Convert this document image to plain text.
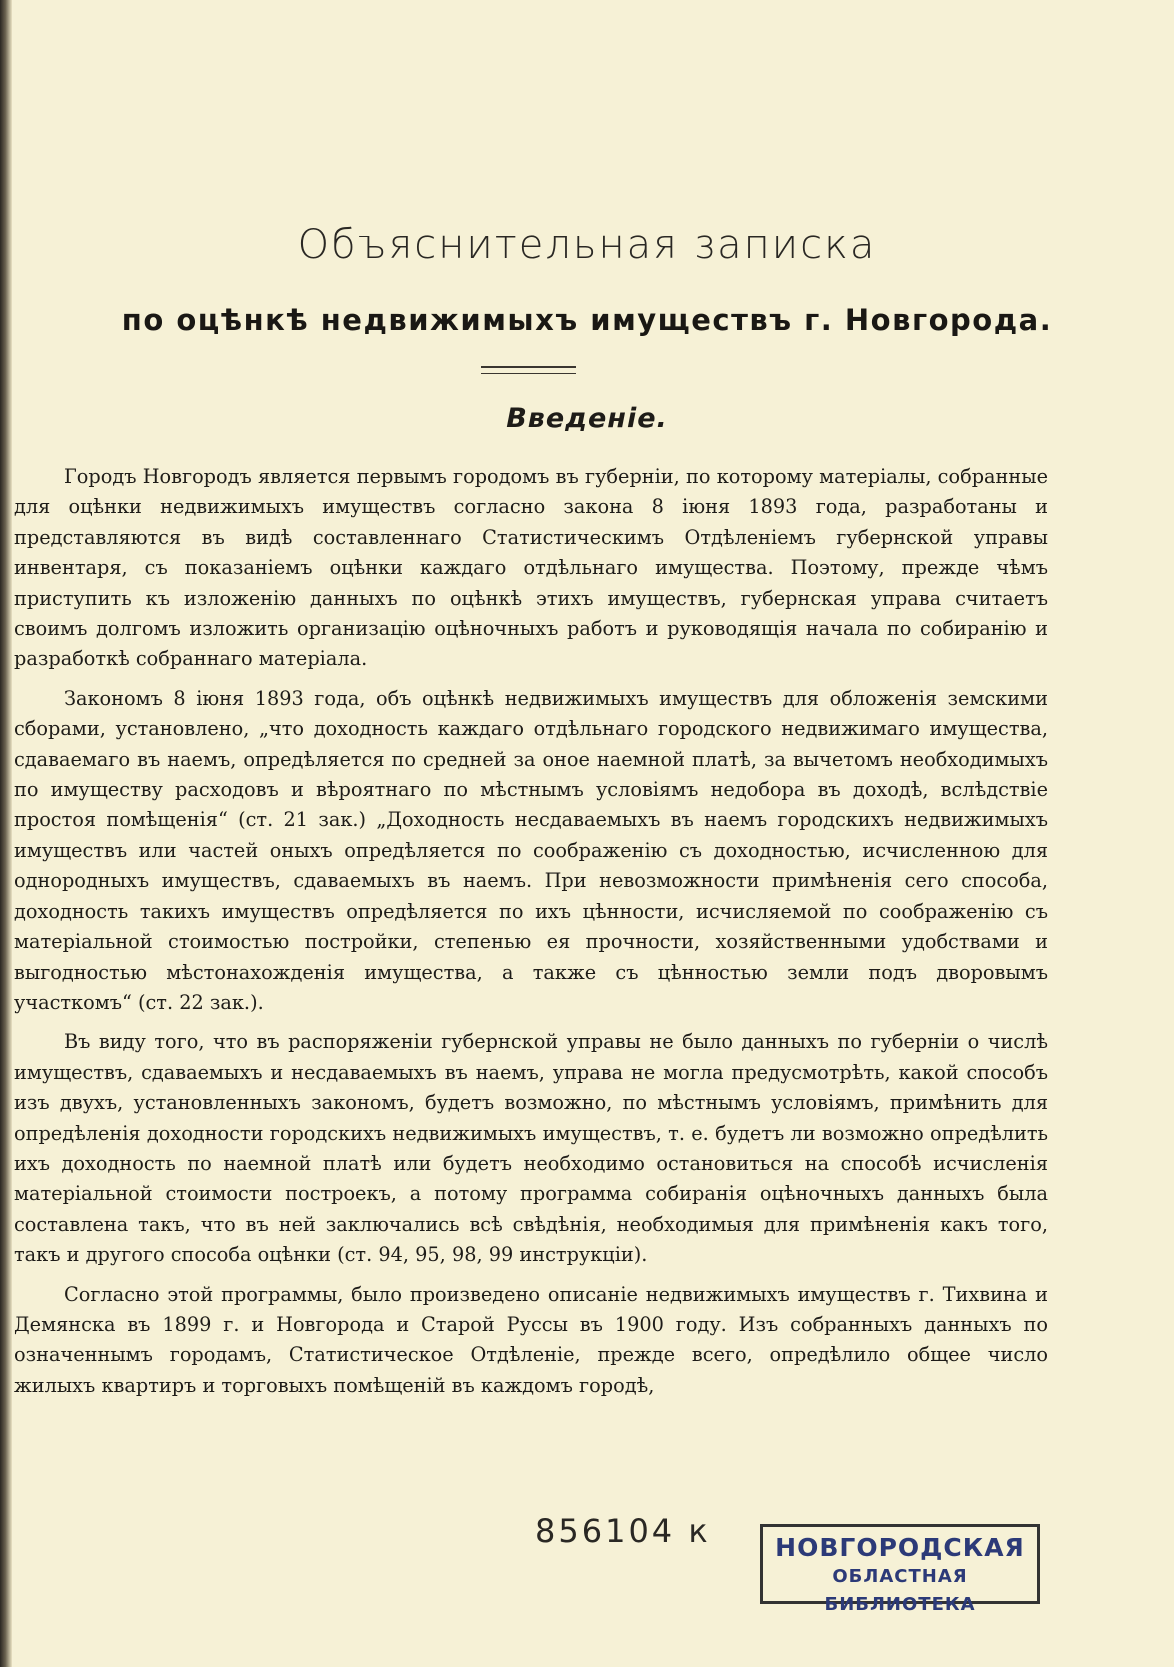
Объяснительная записка
по оцѣнкѣ недвижимыхъ имуществъ г. Новгорода.
Введеніе.

Городъ Новгородъ является первымъ городомъ въ губерніи, по которому матеріалы, собранные для оцѣнки недвижимыхъ имуществъ согласно закона 8 іюня 1893 года, разработаны и представляются въ видѣ составленнаго Статистическимъ Отдѣленіемъ губернской управы инвентаря, съ показаніемъ оцѣнки каждаго отдѣльнаго имущества. Поэтому, прежде чѣмъ приступить къ изложенію данныхъ по оцѣнкѣ этихъ имуществъ, губернская управа считаетъ своимъ долгомъ изложить организацію оцѣночныхъ работъ и руководящія начала по собиранію и разработкѣ собраннаго матеріала.

Закономъ 8 іюня 1893 года, объ оцѣнкѣ недвижимыхъ имуществъ для обложенія земскими сборами, установлено, „что доходность каждаго отдѣльнаго городского недвижимаго имущества, сдаваемаго въ наемъ, опредѣляется по средней за оное наемной платѣ, за вычетомъ необходимыхъ по имуществу расходовъ и вѣроятнаго по мѣстнымъ условіямъ недобора въ доходѣ, вслѣдствіе простоя помѣщенія“ (ст. 21 зак.) „Доходность несдаваемыхъ въ наемъ городскихъ недвижимыхъ имуществъ или частей оныхъ опредѣляется по соображенію съ доходностью, исчисленною для однородныхъ имуществъ, сдаваемыхъ въ наемъ. При невозможности примѣненія сего способа, доходность такихъ имуществъ опредѣляется по ихъ цѣнности, исчисляемой по соображенію съ матеріальной стоимостью постройки, степенью ея прочности, хозяйственными удобствами и выгодностью мѣстонахожденія имущества, а также съ цѣнностью земли подъ дворовымъ участкомъ“ (ст. 22 зак.).

Въ виду того, что въ распоряженіи губернской управы не было данныхъ по губерніи о числѣ имуществъ, сдаваемыхъ и несдаваемыхъ въ наемъ, управа не могла предусмотрѣть, какой способъ изъ двухъ, установленныхъ закономъ, будетъ возможно, по мѣстнымъ условіямъ, примѣнить для опредѣленія доходности городскихъ недвижимыхъ имуществъ, т. е. будетъ ли возможно опредѣлить ихъ доходность по наемной платѣ или будетъ необходимо остановиться на способѣ исчисленія матеріальной стоимости построекъ, а потому программа собиранія оцѣночныхъ данныхъ была составлена такъ, что въ ней заключались всѣ свѣдѣнія, необходимыя для примѣненія какъ того, такъ и другого способа оцѣнки (ст. 94, 95, 98, 99 инструкціи).

Согласно этой программы, было произведено описаніе недвижимыхъ имуществъ г. Тихвина и Демянска въ 1899 г. и Новгорода и Старой Руссы въ 1900 году. Изъ собранныхъ данныхъ по означеннымъ городамъ, Статистическое Отдѣленіе, прежде всего, опредѣлило общее число жилыхъ квартиръ и торговыхъ помѣщеній въ каждомъ городѣ,

856104 к	НОВГОРОДСКАЯ
ОБЛАСТНАЯ БИБЛИОТЕКА
